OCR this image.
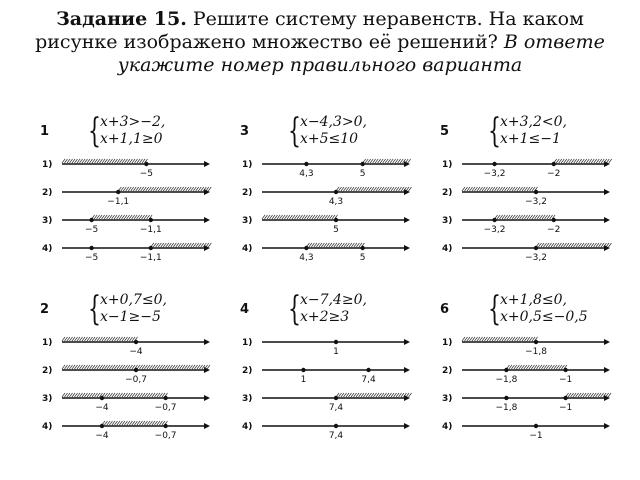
Задание 15. Решите систему неравенств. На каком рисунке изображено множество её решений? В ответе укажите номер правильного варианта
1 { x+3>−2,
x+1,1≥0
1)
−5
2)
−1,1
3)
−5	−1,1
4)
−5	−1,1
3 { x−4,3>0,
x+5≤10
1)
4,3	5
2)
4,3
3)
5
4)
4,3	5
5 { x+3,2<0,
x+1≤−1
1)
−3,2	−2
2)
−3,2
3)
−3,2	−2
4)
−3,2
2 { x+0,7≤0,
x−1≥−5
1)
−4
2)
−0,7
3)
−4	−0,7
4)
−4	−0,7
4 { x−7,4≥0,
x+2≥3
1)
1
2)
1	7,4
3)
7,4
4)
7,4
6 { x+1,8≤0,
x+0,5≤−0,5
1)
−1,8
2)
−1,8	−1
3)
−1,8	−1
4)
−1
